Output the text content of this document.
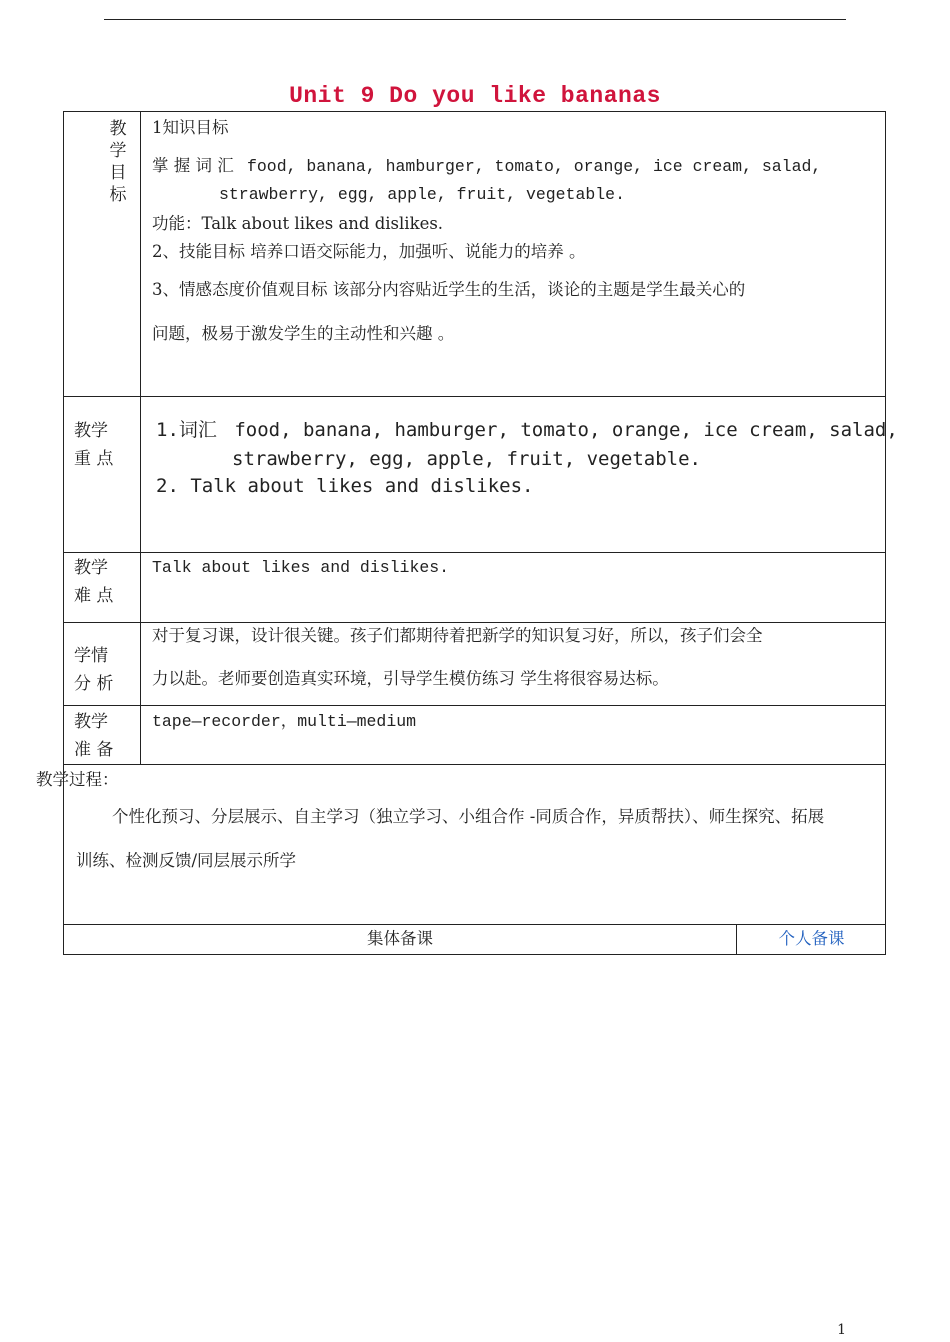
Unit 9 Do you like bananas
教
学
目
标
1知识目标
掌 握 词 汇 food, banana, hamburger, tomato, orange, ice cream, salad,
strawberry, egg, apple, fruit, vegetable.
功能：Talk about likes and dislikes.
2、技能目标 培养口语交际能力，加强听、说能力的培养 。
3、情感态度价值观目标 该部分内容贴近学生的生活，谈论的主题是学生最关心的
问题，极易于激发学生的主动性和兴趣 。
教学
重 点
1.词汇 food, banana, hamburger, tomato, orange, ice cream, salad,
strawberry, egg, apple, fruit, vegetable.
2. Talk about likes and dislikes.
教学
难 点
Talk about likes and dislikes.
学情
分 析
对于复习课，设计很关键。孩子们都期待着把新学的知识复习好，所以，孩子们会全
力以赴。老师要创造真实环境，引导学生模仿练习 学生将很容易达标。
教学
准 备
tape—recorder，multi—medium
教学过程：
个性化预习、分层展示、自主学习（独立学习、小组合作 -同质合作，异质帮扶）、师生探究、拓展
训练、检测反馈/同层展示所学
集体备课	个人备课
1
